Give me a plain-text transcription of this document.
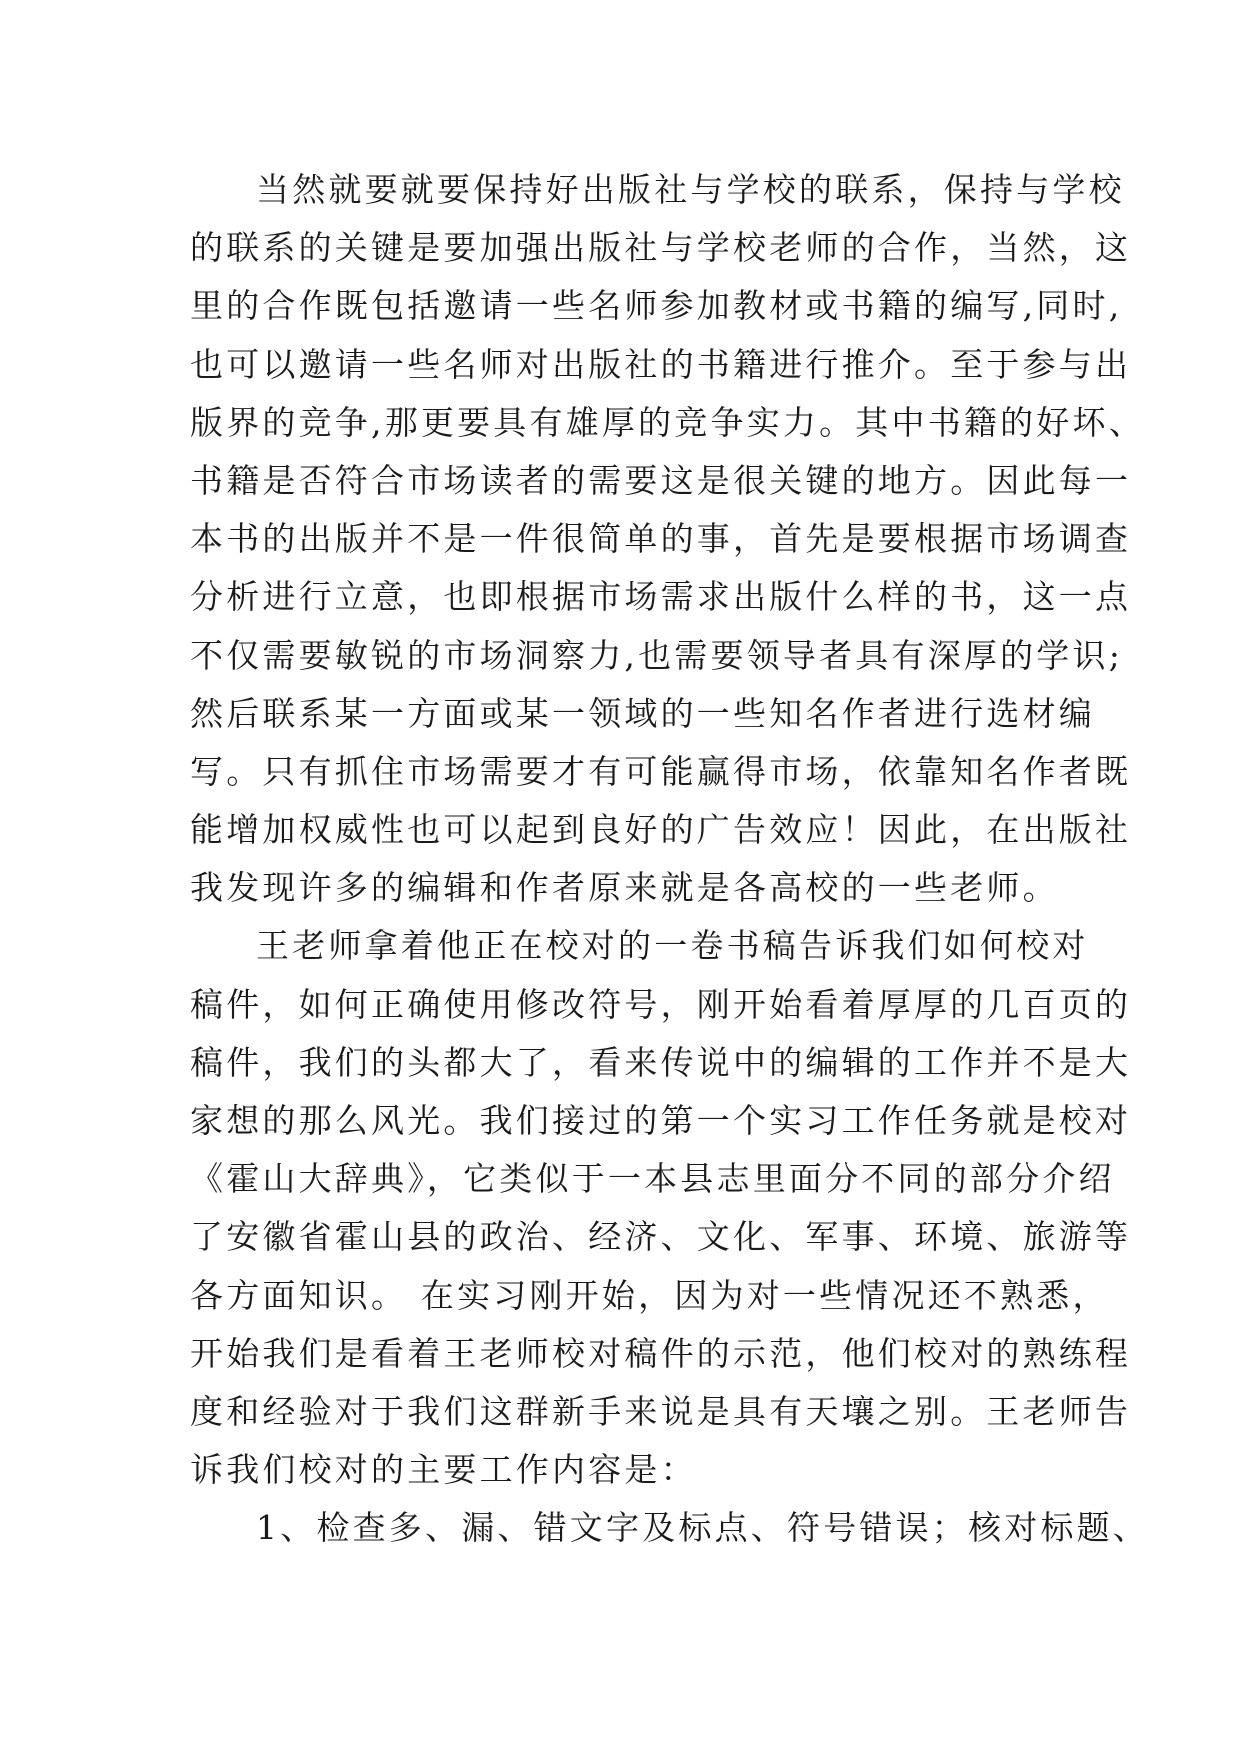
当然就要就要保持好出版社与学校的联系，保持与学校
的联系的关键是要加强出版社与学校老师的合作，当然，这
里的合作既包括邀请一些名师参加教材或书籍的编写,同时,
也可以邀请一些名师对出版社的书籍进行推介。至于参与出
版界的竞争,那更要具有雄厚的竞争实力。其中书籍的好坏、
书籍是否符合市场读者的需要这是很关键的地方。因此每一
本书的出版并不是一件很简单的事，首先是要根据市场调查
分析进行立意，也即根据市场需求出版什么样的书，这一点
不仅需要敏锐的市场洞察力,也需要领导者具有深厚的学识;
然后联系某一方面或某一领域的一些知名作者进行选材编
写。只有抓住市场需要才有可能赢得市场，依靠知名作者既
能增加权威性也可以起到良好的广告效应！因此，在出版社
我发现许多的编辑和作者原来就是各高校的一些老师。
王老师拿着他正在校对的一卷书稿告诉我们如何校对
稿件，如何正确使用修改符号，刚开始看着厚厚的几百页的
稿件，我们的头都大了，看来传说中的编辑的工作并不是大
家想的那么风光。我们接过的第一个实习工作任务就是校对
《霍山大辞典》，它类似于一本县志里面分不同的部分介绍
了安徽省霍山县的政治、经济、文化、军事、环境、旅游等
各方面知识。 在实习刚开始，因为对一些情况还不熟悉，
开始我们是看着王老师校对稿件的示范，他们校对的熟练程
度和经验对于我们这群新手来说是具有天壤之别。王老师告
诉我们校对的主要工作内容是：
1、检查多、漏、错文字及标点、符号错误；核对标题、
